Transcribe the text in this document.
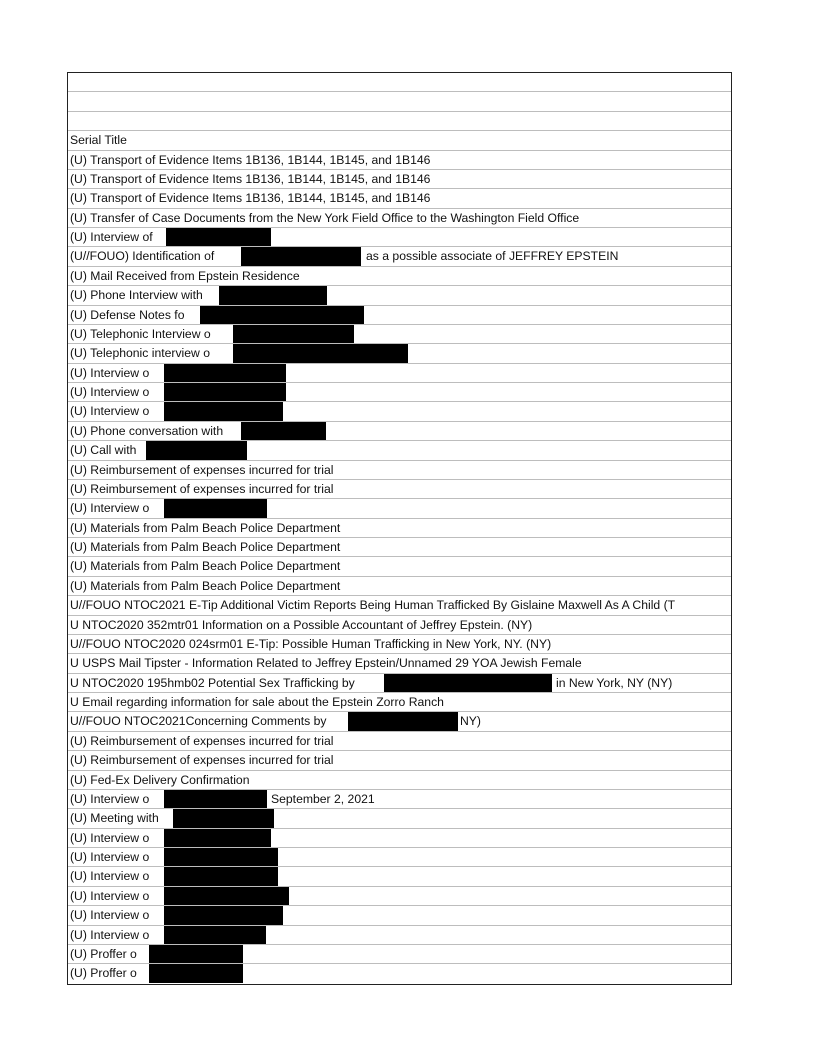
Serial Title
(U) Transport of Evidence Items 1B136, 1B144, 1B145, and 1B146
(U) Transport of Evidence Items 1B136, 1B144, 1B145, and 1B146
(U) Transport of Evidence Items 1B136, 1B144, 1B145, and 1B146
(U) Transfer of Case Documents from the New York Field Office to the Washington Field Office
(U) Interview of
(U//FOUO) Identification of	as a possible associate of JEFFREY EPSTEIN
(U) Mail Received from Epstein Residence
(U) Phone Interview with
(U) Defense Notes fo
(U) Telephonic Interview o
(U) Telephonic interview o
(U) Interview o
(U) Interview o
(U) Interview o
(U) Phone conversation with
(U) Call with
(U) Reimbursement of expenses incurred for trial
(U) Reimbursement of expenses incurred for trial
(U) Interview o
(U) Materials from Palm Beach Police Department
(U) Materials from Palm Beach Police Department
(U) Materials from Palm Beach Police Department
(U) Materials from Palm Beach Police Department
U//FOUO NTOC2021 E-Tip Additional Victim Reports Being Human Trafficked By Gislaine Maxwell As A Child (T
U NTOC2020 352mtr01 Information on a Possible Accountant of Jeffrey Epstein. (NY)
U//FOUO NTOC2020 024srm01 E-Tip: Possible Human Trafficking in New York, NY. (NY)
U USPS Mail Tipster - Information Related to Jeffrey Epstein/Unnamed 29 YOA Jewish Female
U NTOC2020 195hmb02 Potential Sex Trafficking by	in New York, NY (NY)
U Email regarding information for sale about the Epstein Zorro Ranch
U//FOUO NTOC2021Concerning Comments by	NY)
(U) Reimbursement of expenses incurred for trial
(U) Reimbursement of expenses incurred for trial
(U) Fed-Ex Delivery Confirmation
(U) Interview o	September 2, 2021
(U) Meeting with
(U) Interview o
(U) Interview o
(U) Interview o
(U) Interview o
(U) Interview o
(U) Interview o
(U) Proffer o
(U) Proffer o
